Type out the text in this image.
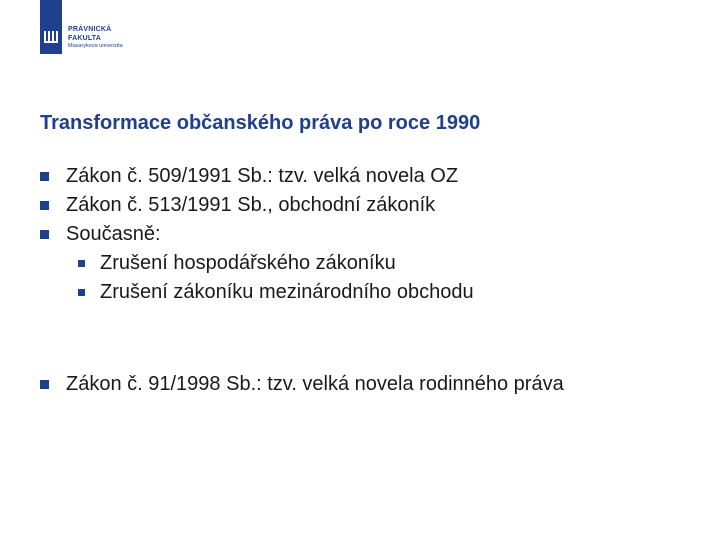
PRÁVNICKÁ
FAKULTA
Masarykova univerzita
Transformace občanského práva po roce 1990
Zákon č. 509/1991 Sb.: tzv. velká novela OZ
Zákon č. 513/1991 Sb., obchodní zákoník
Současně:
Zrušení hospodářského zákoníku
Zrušení zákoníku mezinárodního obchodu
Zákon č. 91/1998 Sb.: tzv. velká novela rodinného práva
